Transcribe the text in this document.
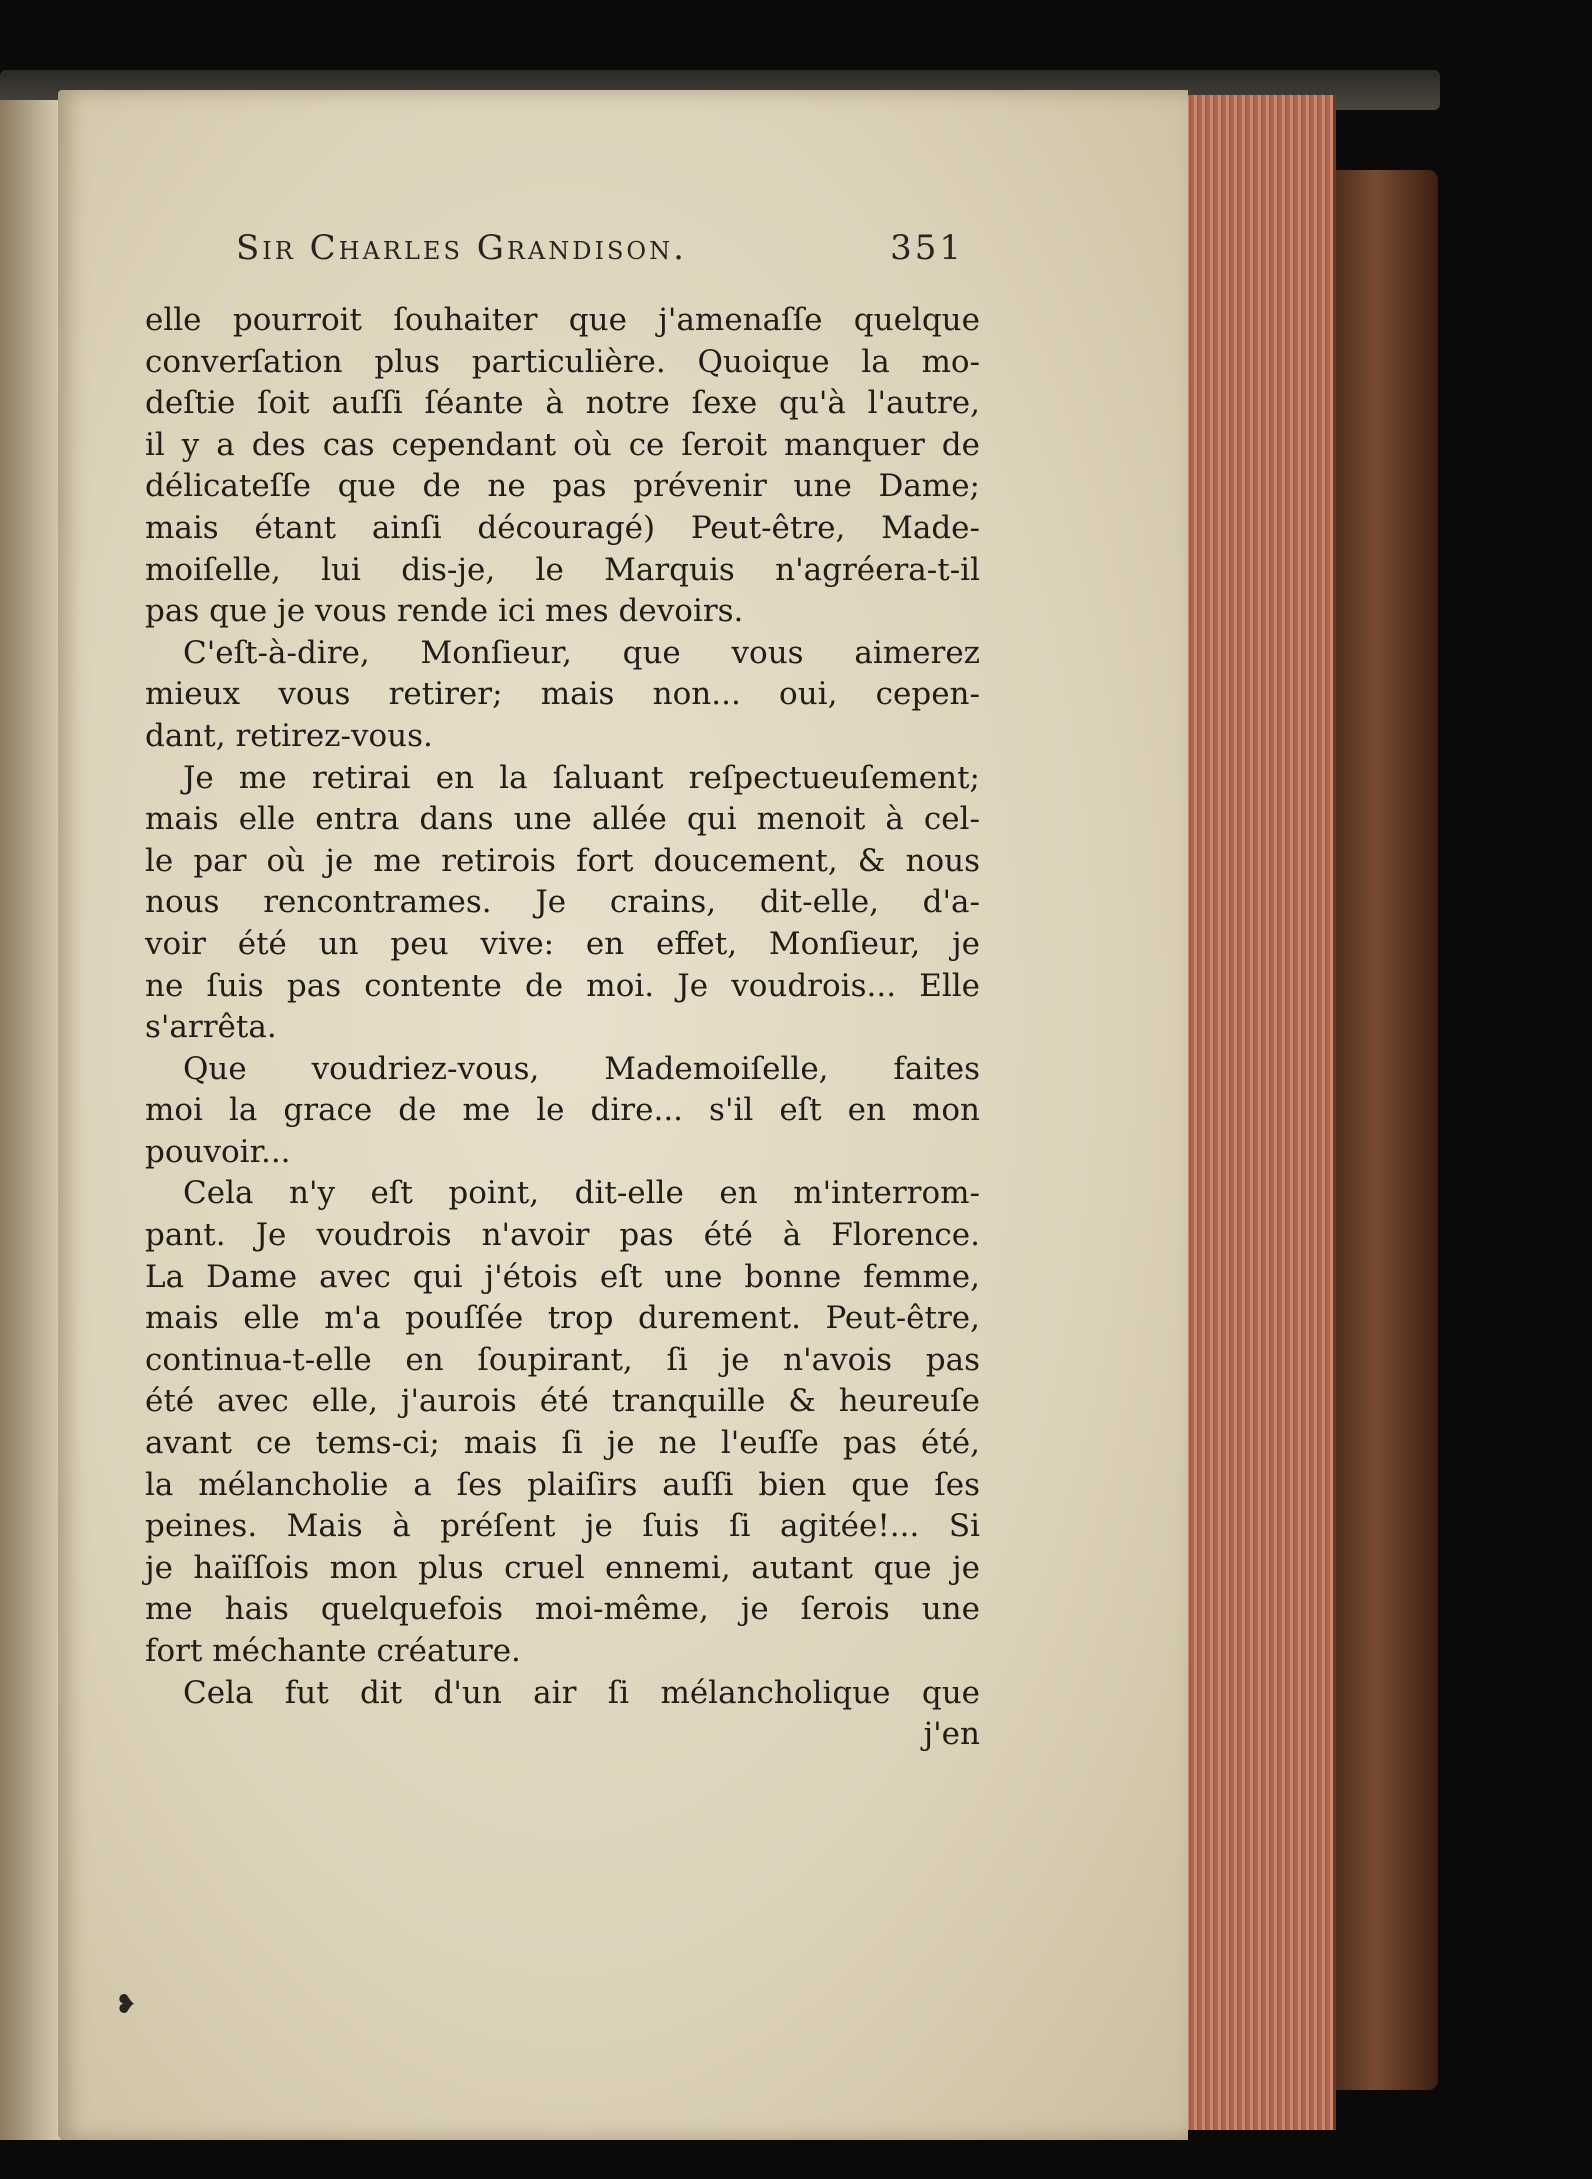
Sir Charles Grandison.	351
elle pourroit ſouhaiter que j'amenaſſe quelque
converſation plus particulière. Quoique la mo-
deſtie ſoit auſſi ſéante à notre ſexe qu'à l'autre,
il y a des cas cependant où ce ſeroit manquer de
délicateſſe que de ne pas prévenir une Dame;
mais étant ainſi découragé) Peut-être, Made-
moiſelle, lui dis-je, le Marquis n'agréera-t-il
pas que je vous rende ici mes devoirs.
C'eſt-à-dire, Monſieur, que vous aimerez
mieux vous retirer; mais non... oui, cepen-
dant, retirez-vous.
Je me retirai en la ſaluant reſpectueuſement;
mais elle entra dans une allée qui menoit à cel-
le par où je me retirois fort doucement, & nous
nous rencontrames. Je crains, dit-elle, d'a-
voir été un peu vive: en effet, Monſieur, je
ne ſuis pas contente de moi. Je voudrois... Elle
s'arrêta.
Que voudriez-vous, Mademoiſelle, faites
moi la grace de me le dire... s'il eſt en mon
pouvoir...
Cela n'y eſt point, dit-elle en m'interrom-
pant. Je voudrois n'avoir pas été à Florence.
La Dame avec qui j'étois eſt une bonne femme,
mais elle m'a pouſſée trop durement. Peut-être,
continua-t-elle en ſoupirant, ſi je n'avois pas
été avec elle, j'aurois été tranquille & heureuſe
avant ce tems-ci; mais ſi je ne l'euſſe pas été,
la mélancholie a ſes plaiſirs auſſi bien que ſes
peines. Mais à préſent je ſuis ſi agitée!... Si
je haïſſois mon plus cruel ennemi, autant que je
me hais quelquefois moi-même, je ſerois une
fort méchante créature.
Cela fut dit d'un air ſi mélancholique que
j'en
❥
